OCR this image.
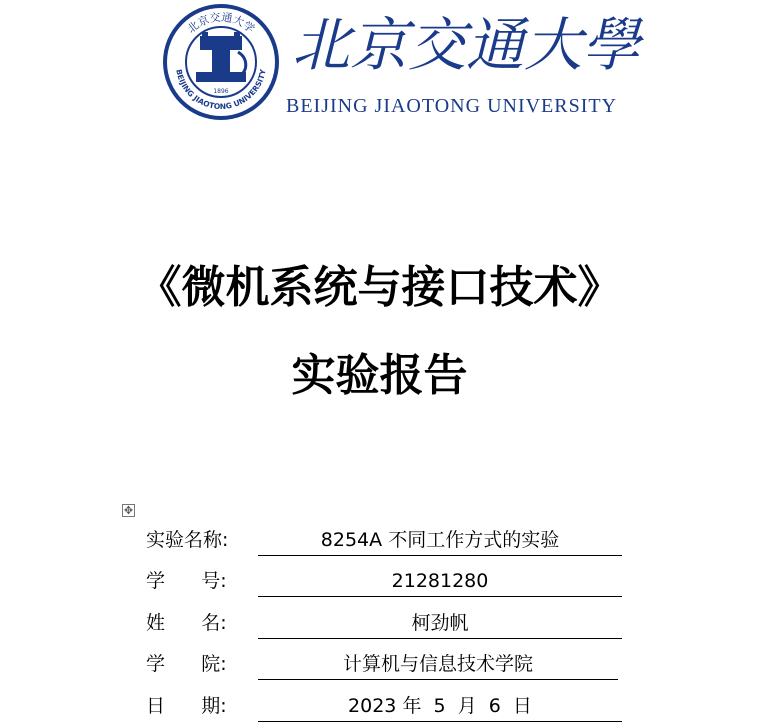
北京交通大学
BEIJING JIAOTONG UNIVERSITY
1896
北京交通大學
BEIJING JIAOTONG UNIVERSITY
《微机系统与接口技术》
实验报告
✥
实验名称:	8254A 不同工作方式的实验
学      号:	21281280
姓      名:	柯劲帆
学      院:	计算机与信息技术学院
日      期:	2023 年  5  月  6  日
